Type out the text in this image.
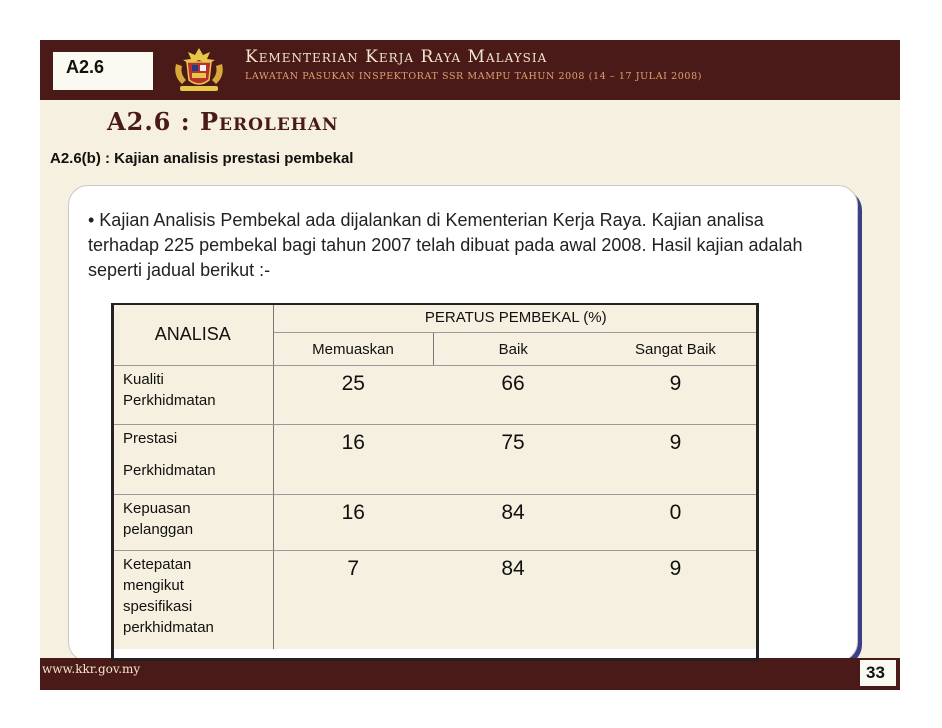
A2.6	Kementerian Kerja Raya Malaysia
LAWATAN PASUKAN INSPEKTORAT SSR MAMPU TAHUN 2008 (14 – 17 JULAI 2008)
A2.6 : Perolehan
A2.6(b) : Kajian analisis prestasi pembekal
• Kajian Analisis Pembekal ada dijalankan di Kementerian Kerja Raya. Kajian analisa terhadap 225 pembekal bagi tahun 2007 telah dibuat pada awal 2008. Hasil kajian adalah seperti jadual berikut :-
ANALISA	PERATUS PEMBEKAL (%)		
	Memuaskan	Baik	Sangat Baik

Kualiti
Perkhidmatan	25	66	9

Prestasi
Perkhidmatan	16	75	9

Kepuasan
pelanggan	16	84	0

Ketepatan
mengikut
spesifikasi
perkhidmatan	7	84	9
www.kkr.gov.my	33
